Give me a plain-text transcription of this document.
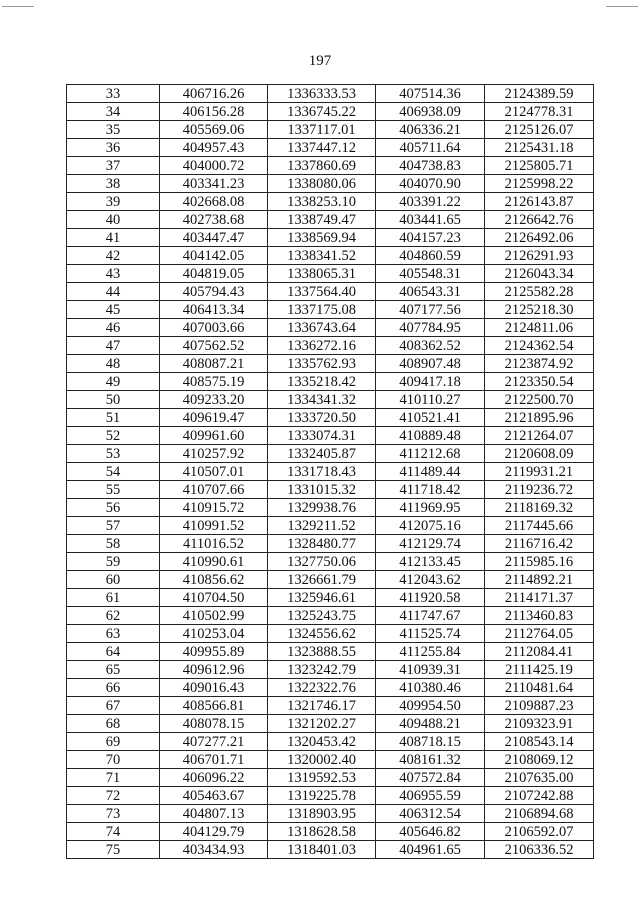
197
33	406716.26	1336333.53	407514.36	2124389.59
34	406156.28	1336745.22	406938.09	2124778.31
35	405569.06	1337117.01	406336.21	2125126.07
36	404957.43	1337447.12	405711.64	2125431.18
37	404000.72	1337860.69	404738.83	2125805.71
38	403341.23	1338080.06	404070.90	2125998.22
39	402668.08	1338253.10	403391.22	2126143.87
40	402738.68	1338749.47	403441.65	2126642.76
41	403447.47	1338569.94	404157.23	2126492.06
42	404142.05	1338341.52	404860.59	2126291.93
43	404819.05	1338065.31	405548.31	2126043.34
44	405794.43	1337564.40	406543.31	2125582.28
45	406413.34	1337175.08	407177.56	2125218.30
46	407003.66	1336743.64	407784.95	2124811.06
47	407562.52	1336272.16	408362.52	2124362.54
48	408087.21	1335762.93	408907.48	2123874.92
49	408575.19	1335218.42	409417.18	2123350.54
50	409233.20	1334341.32	410110.27	2122500.70
51	409619.47	1333720.50	410521.41	2121895.96
52	409961.60	1333074.31	410889.48	2121264.07
53	410257.92	1332405.87	411212.68	2120608.09
54	410507.01	1331718.43	411489.44	2119931.21
55	410707.66	1331015.32	411718.42	2119236.72
56	410915.72	1329938.76	411969.95	2118169.32
57	410991.52	1329211.52	412075.16	2117445.66
58	411016.52	1328480.77	412129.74	2116716.42
59	410990.61	1327750.06	412133.45	2115985.16
60	410856.62	1326661.79	412043.62	2114892.21
61	410704.50	1325946.61	411920.58	2114171.37
62	410502.99	1325243.75	411747.67	2113460.83
63	410253.04	1324556.62	411525.74	2112764.05
64	409955.89	1323888.55	411255.84	2112084.41
65	409612.96	1323242.79	410939.31	2111425.19
66	409016.43	1322322.76	410380.46	2110481.64
67	408566.81	1321746.17	409954.50	2109887.23
68	408078.15	1321202.27	409488.21	2109323.91
69	407277.21	1320453.42	408718.15	2108543.14
70	406701.71	1320002.40	408161.32	2108069.12
71	406096.22	1319592.53	407572.84	2107635.00
72	405463.67	1319225.78	406955.59	2107242.88
73	404807.13	1318903.95	406312.54	2106894.68
74	404129.79	1318628.58	405646.82	2106592.07
75	403434.93	1318401.03	404961.65	2106336.52
